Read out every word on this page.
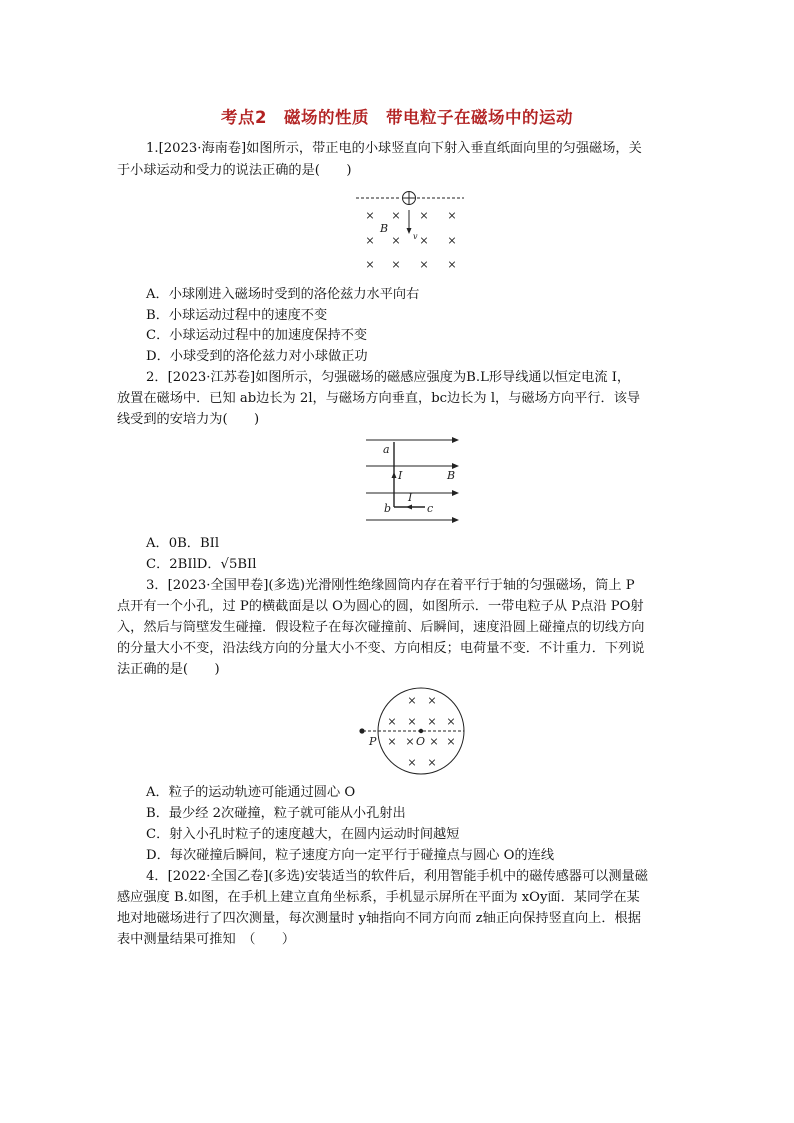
考点2　磁场的性质　带电粒子在磁场中的运动
1.[2023·海南卷]如图所示，带正电的小球竖直向下射入垂直纸面向里的匀强磁场，关
于小球运动和受力的说法正确的是(　　)
× × × ×
× × × ×
× × × ×
B
v
A．小球刚进入磁场时受到的洛伦兹力水平向右
B．小球运动过程中的速度不变
C．小球运动过程中的加速度保持不变
D．小球受到的洛伦兹力对小球做正功
2．[2023·江苏卷]如图所示，匀强磁场的磁感应强度为B.L形导线通以恒定电流 I，
放置在磁场中．已知 ab边长为 2l，与磁场方向垂直，bc边长为 l，与磁场方向平行．该导
线受到的安培力为(　　)
a
I	B
I
b	c
A．0B．BIl
C．2BIlD．√5BIl
3．[2023·全国甲卷](多选)光滑刚性绝缘圆筒内存在着平行于轴的匀强磁场，筒上 P
点开有一个小孔，过 P的横截面是以 O为圆心的圆，如图所示．一带电粒子从 P点沿 PO射
入，然后与筒壁发生碰撞．假设粒子在每次碰撞前、后瞬间，速度沿圆上碰撞点的切线方向
的分量大小不变，沿法线方向的分量大小不变、方向相反；电荷量不变．不计重力．下列说
法正确的是(　　)
× ×
× × × ×
× × × ×
× ×
P	O
A．粒子的运动轨迹可能通过圆心 O
B．最少经 2次碰撞，粒子就可能从小孔射出
C．射入小孔时粒子的速度越大，在圆内运动时间越短
D．每次碰撞后瞬间，粒子速度方向一定平行于碰撞点与圆心 O的连线
4．[2022·全国乙卷](多选)安装适当的软件后，利用智能手机中的磁传感器可以测量磁
感应强度 B.如图，在手机上建立直角坐标系，手机显示屏所在平面为 xOy面．某同学在某
地对地磁场进行了四次测量，每次测量时 y轴指向不同方向而 z轴正向保持竖直向上．根据
表中测量结果可推知　（　　）
